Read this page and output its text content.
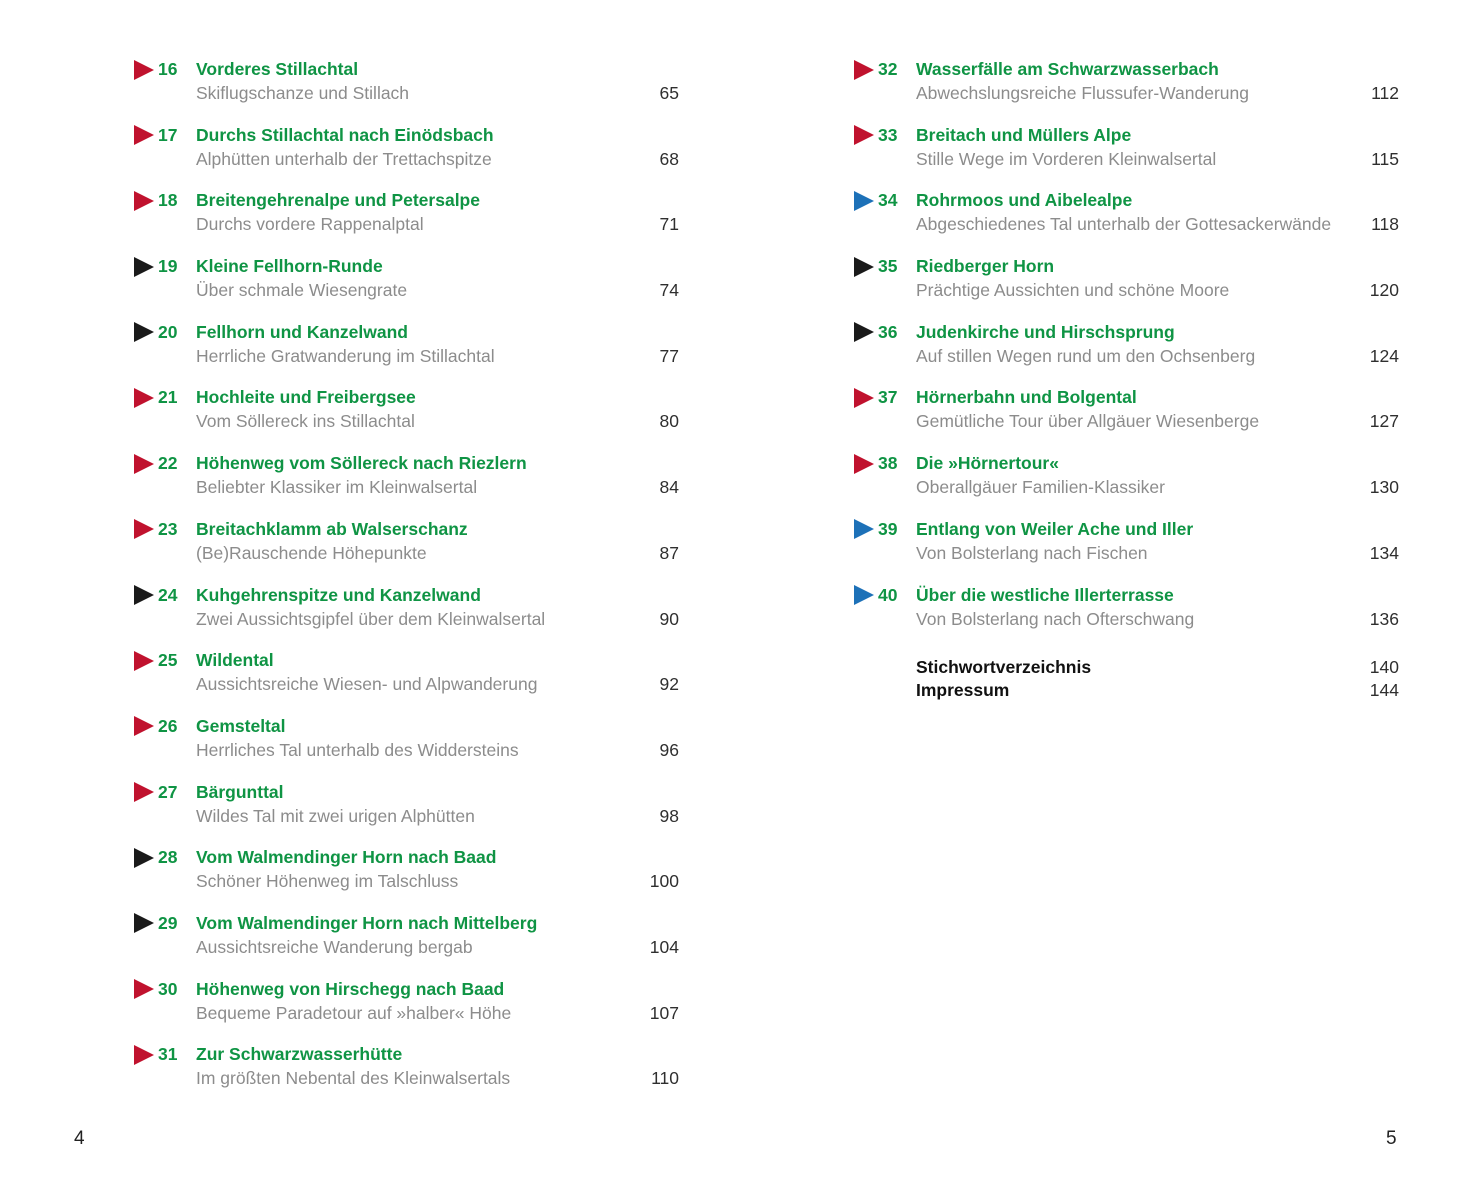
16	Vorderes Stillachtal
Skiflugschanze und Stillach	65
17	Durchs Stillachtal nach Einödsbach
Alphütten unterhalb der Trettachspitze	68
18	Breitengehrenalpe und Petersalpe
Durchs vordere Rappenalptal	71
19	Kleine Fellhorn-Runde
Über schmale Wiesengrate	74
20	Fellhorn und Kanzelwand
Herrliche Gratwanderung im Stillachtal	77
21	Hochleite und Freibergsee
Vom Söllereck ins Stillachtal	80
22	Höhenweg vom Söllereck nach Riezlern
Beliebter Klassiker im Kleinwalsertal	84
23	Breitachklamm ab Walserschanz
(Be)Rauschende Höhepunkte	87
24	Kuhgehrenspitze und Kanzelwand
Zwei Aussichtsgipfel über dem Kleinwalsertal	90
25	Wildental
Aussichtsreiche Wiesen- und Alpwanderung	92
26	Gemsteltal
Herrliches Tal unterhalb des Widdersteins	96
27	Bärgunttal
Wildes Tal mit zwei urigen Alphütten	98
28	Vom Walmendinger Horn nach Baad
Schöner Höhenweg im Talschluss	100
29	Vom Walmendinger Horn nach Mittelberg
Aussichtsreiche Wanderung bergab	104
30	Höhenweg von Hirschegg nach Baad
Bequeme Paradetour auf »halber« Höhe	107
31	Zur Schwarzwasserhütte
Im größten Nebental des Kleinwalsertals	110
32	Wasserfälle am Schwarzwasserbach
Abwechslungsreiche Flussufer-Wanderung	112
33	Breitach und Müllers Alpe
Stille Wege im Vorderen Kleinwalsertal	115
34	Rohrmoos und Aibelealpe
Abgeschiedenes Tal unterhalb der Gottesackerwände 118
35	Riedberger Horn
Prächtige Aussichten und schöne Moore	120
36	Judenkirche und Hirschsprung
Auf stillen Wegen rund um den Ochsenberg	124
37	Hörnerbahn und Bolgental
Gemütliche Tour über Allgäuer Wiesenberge	127
38	Die »Hörnertour«
Oberallgäuer Familien-Klassiker	130
39	Entlang von Weiler Ache und Iller
Von Bolsterlang nach Fischen	134
40	Über die westliche Illerterrasse
Von Bolsterlang nach Ofterschwang	136
Stichwortverzeichnis	140
Impressum	144
4	5
